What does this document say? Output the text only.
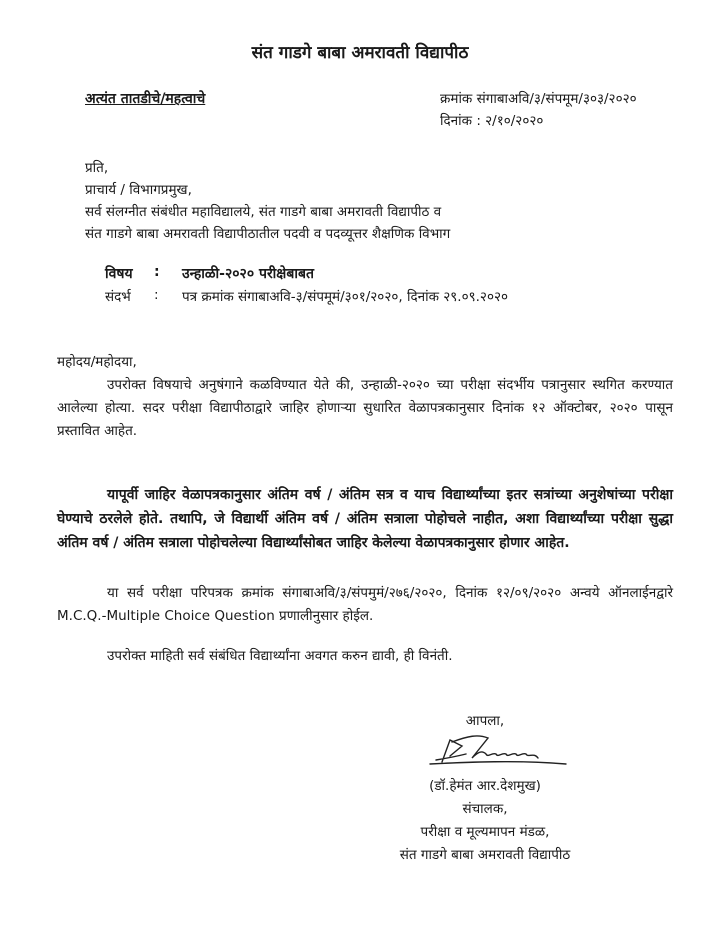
संत गाडगे बाबा अमरावती विद्यापीठ
अत्यंत तातडीचे/महत्वाचे	क्रमांक संगाबाअवि/३/संपमूम/३०३/२०२०
दिनांक : २/१०/२०२०
प्रति,
प्राचार्य / विभागप्रमुख,
सर्व संलग्नीत संबंधीत महाविद्यालये, संत गाडगे बाबा अमरावती विद्यापीठ व
संत गाडगे बाबा अमरावती विद्यापीठातील पदवी व पदव्यूत्तर शैक्षणिक विभाग
विषय : उन्हाळी-२०२० परीक्षेबाबत
संदर्भ : पत्र क्रमांक संगाबाअवि-३/संपमूमं/३०१/२०२०, दिनांक २९.०९.२०२०
महोदय/महोदया,
उपरोक्त विषयाचे अनुषंगाने कळविण्यात येते की, उन्हाळी-२०२० च्या परीक्षा संदर्भीय पत्रानुसार स्थगित करण्यात आलेल्या होत्या. सदर परीक्षा विद्यापीठाद्वारे जाहिर होणाऱ्या सुधारित वेळापत्रकानुसार दिनांक १२ ऑक्टोबर, २०२० पासून प्रस्तावित आहेत.
यापूर्वी जाहिर वेळापत्रकानुसार अंतिम वर्ष / अंतिम सत्र व याच विद्यार्थ्यांच्या इतर सत्रांच्या अनुशेषांच्या परीक्षा घेण्याचे ठरलेले होते. तथापि, जे विद्यार्थी अंतिम वर्ष / अंतिम सत्राला पोहोचले नाहीत, अशा विद्यार्थ्यांच्या परीक्षा सुद्धा अंतिम वर्ष / अंतिम सत्राला पोहोचलेल्या विद्यार्थ्यांसोबत जाहिर केलेल्या वेळापत्रकानुसार होणार आहेत.
या सर्व परीक्षा परिपत्रक क्रमांक संगाबाअवि/३/संपमुमं/२७६/२०२०, दिनांक १२/०९/२०२० अन्वये ऑनलाईनद्वारे M.C.Q.-Multiple Choice Question प्रणालीनुसार होईल.
उपरोक्त माहिती सर्व संबंधित विद्यार्थ्यांना अवगत करुन द्यावी, ही विनंती.
आपला,
(डॉ.हेमंत आर.देशमुख)
संचालक,
परीक्षा व मूल्यमापन मंडळ,
संत गाडगे बाबा अमरावती विद्यापीठ
